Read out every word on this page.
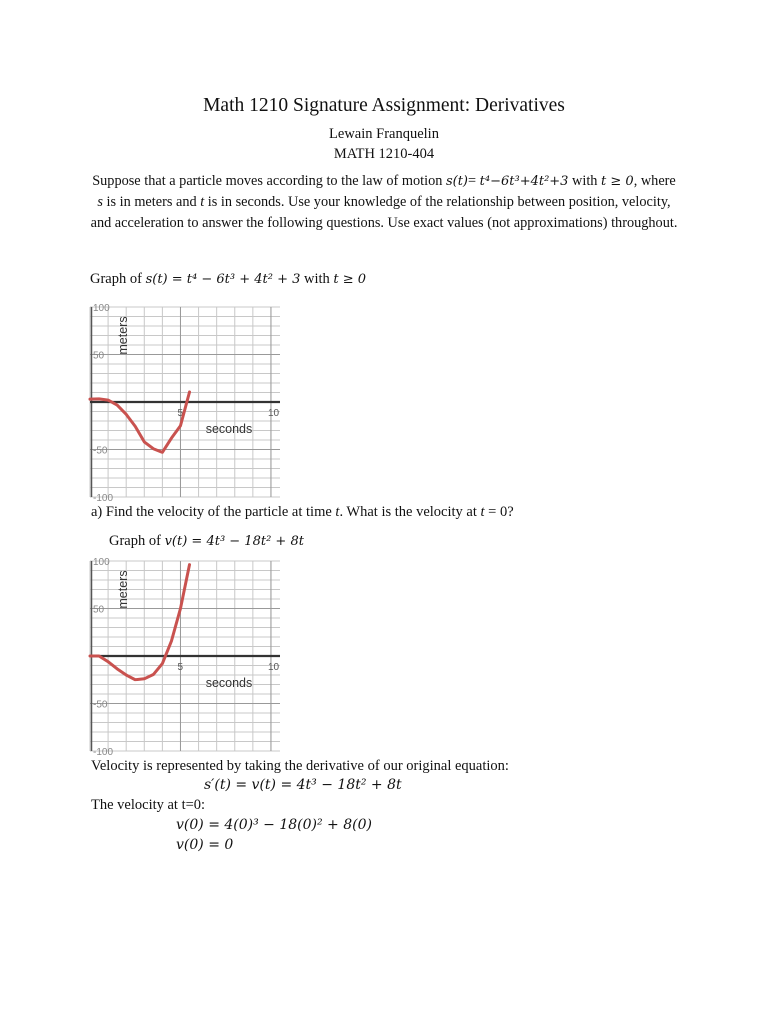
Math 1210 Signature Assignment: Derivatives
Lewain Franquelin
MATH 1210-404
Suppose that a particle moves according to the law of motion s(t)= t⁴−6t³+4t²+3 with t ≥ 0, where s is in meters and t is in seconds. Use your knowledge of the relationship between position, velocity, and acceleration to answer the following questions. Use exact values (not approximations) throughout.
Graph of s(t) = t⁴ − 6t³ + 4t² + 3 with t ≥ 0
100
50
-50
-100
5	10
seconds
meters
a) Find the velocity of the particle at time t. What is the velocity at t = 0?
Graph of v(t) = 4t³ − 18t² + 8t
100
50
-50
-100
5	10
seconds
meters
Velocity is represented by taking the derivative of our original equation:
s′(t) = v(t) = 4t³ − 18t² + 8t
The velocity at t=0:
v(0) = 4(0)³ − 18(0)² + 8(0)
v(0) = 0
